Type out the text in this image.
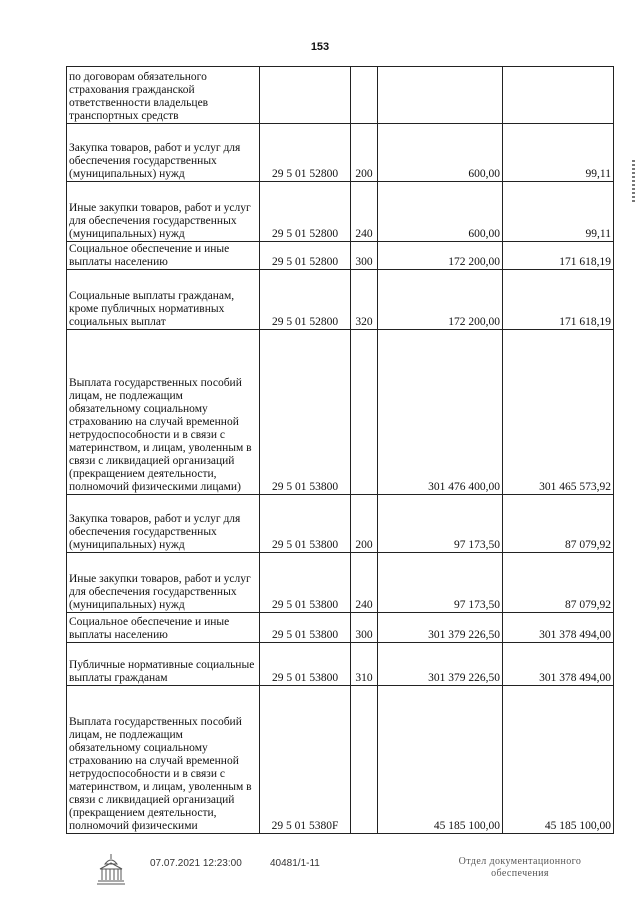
153
по договорам обязательного страхования гражданской ответственности владельцев транспортных средств				
Закупка товаров, работ и услуг для обеспечения государственных (муниципальных) нужд	29 5 01 52800	200	600,00	99,11
Иные закупки товаров, работ и услуг для обеспечения государственных (муниципальных) нужд	29 5 01 52800	240	600,00	99,11
Социальное обеспечение и иные выплаты населению	29 5 01 52800	300	172 200,00	171 618,19
Социальные выплаты гражданам, кроме публичных нормативных социальных выплат	29 5 01 52800	320	172 200,00	171 618,19
Выплата государственных пособий лицам, не подлежащим обязательному социальному страхованию на случай временной нетрудоспособности и в связи с материнством, и лицам, уволенным в связи с ликвидацией организаций (прекращением деятельности, полномочий физическими лицами)	29 5 01 53800		301 476 400,00	301 465 573,92
Закупка товаров, работ и услуг для обеспечения государственных (муниципальных) нужд	29 5 01 53800	200	97 173,50	87 079,92
Иные закупки товаров, работ и услуг для обеспечения государственных (муниципальных) нужд	29 5 01 53800	240	97 173,50	87 079,92
Социальное обеспечение и иные выплаты населению	29 5 01 53800	300	301 379 226,50	301 378 494,00
Публичные нормативные социальные выплаты гражданам	29 5 01 53800	310	301 379 226,50	301 378 494,00
Выплата государственных пособий лицам, не подлежащим обязательному социальному страхованию на случай временной нетрудоспособности и в связи с материнством, и лицам, уволенным в связи с ликвидацией организаций (прекращением деятельности, полномочий физическими	29 5 01 5380F		45 185 100,00	45 185 100,00
07.07.2021 12:23:00	40481/1-11	Отдел документационного
обеспечения
